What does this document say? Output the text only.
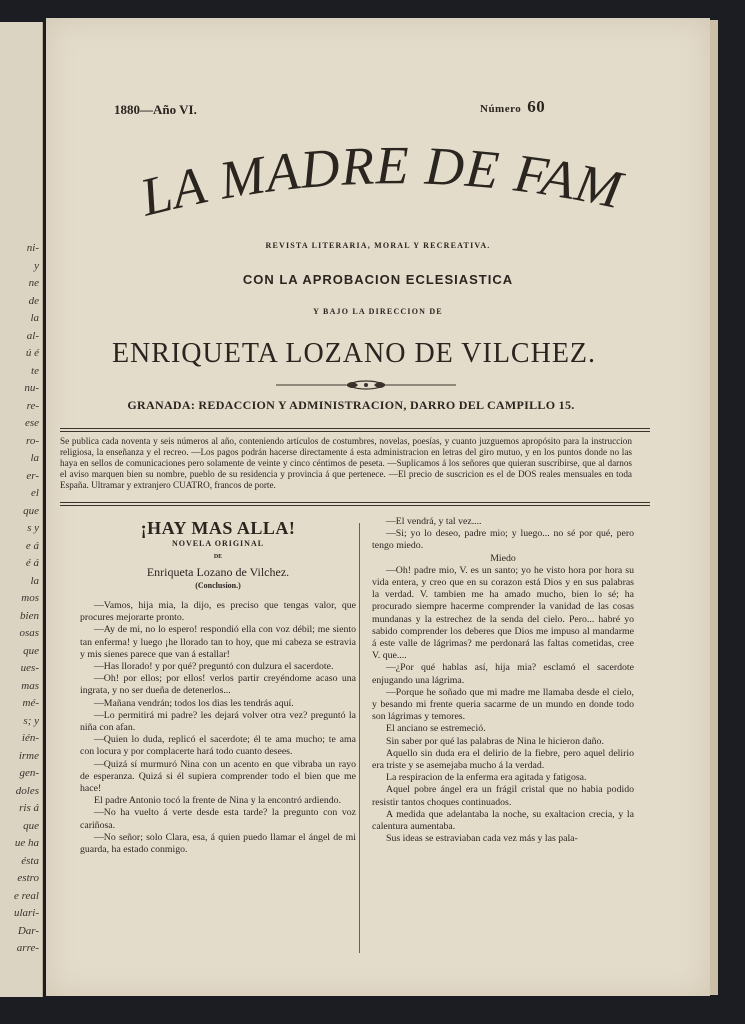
ni-
y
ne
de
la
al-
ú é
te
nu-
re-
ese
ro-
la
er-
el
que
s y
e á
é á
la
mos
bien
osas
que
ues-
mas
mé-
s; y
ién-
irme
gen-
doles
ris á
que
ue ha
ésta
estro
e real
ulari-
Dar-
arre-
1880—Año VI.	Número 60
LA MADRE DE FAM
REVISTA LITERARIA, MORAL Y RECREATIVA.
CON LA APROBACION ECLESIASTICA
Y BAJO LA DIRECCION DE
ENRIQUETA LOZANO DE VILCHEZ.
GRANADA: REDACCION Y ADMINISTRACION, DARRO DEL CAMPILLO 15.
Se publica cada noventa y seis números al año, conteniendo artículos de costumbres, novelas, poesías, y cuanto juzguemos apropósito para la instruccion religiosa, la enseñanza y el recreo. —Los pagos podrán hacerse directamente á esta administracion en letras del giro mutuo, y en los puntos donde no las haya en sellos de comunicaciones pero solamente de veinte y cinco céntimos de peseta. —Suplicamos á los señores que quieran suscribirse, que al darnos el aviso marquen bien su nombre, pueblo de su residencia y provincia á que pertenece. —El precio de suscricion es el de DOS reales mensuales en toda España. Ultramar y extranjero CUATRO, francos de porte.
¡HAY MAS ALLA!
NOVELA ORIGINAL
DE
Enriqueta Lozano de Vilchez.
(Conclusion.)

—Vamos, hija mia, la dijo, es preciso que tengas valor, que procures mejorarte pronto.

—Ay de mi, no lo espero! respondió ella con voz débil; me siento tan enferma! y luego ¡he llorado tan to hoy, que mi cabeza se estravia y mis sienes parece que van á estallar!

—Has llorado! y por qué? preguntó con dulzura el sacerdote.

—Oh! por ellos; por ellos! verlos partir creyéndome acaso una ingrata, y no ser dueña de detenerlos...

—Mañana vendrán; todos los dias les tendrás aquí.

—Lo permitirá mi padre? les dejará volver otra vez? preguntó la niña con afan.

—Quien lo duda, replicó el sacerdote; él te ama mucho; te ama con locura y por complacerte hará todo cuanto desees.

—Quizá sí murmuró Nina con un acento en que vibraba un rayo de esperanza. Quizá si él supiera comprender todo el bien que me hace!

El padre Antonio tocó la frente de Nina y la encontró ardiendo.

—No ha vuelto á verte desde esta tarde? la pregunto con voz cariñosa.

—No señor; solo Clara, esa, á quien puedo llamar el ángel de mi guarda, ha estado conmigo.

—El vendrá, y tal vez....

—Si; yo lo deseo, padre mio; y luego... no sé por qué, pero tengo miedo.

Miedo

—Oh! padre mio, V. es un santo; yo he visto hora por hora su vida entera, y creo que en su corazon está Dios y en sus palabras la verdad. V. tambien me ha amado mucho, bien lo sé; ha procurado siempre hacerme comprender la vanidad de las cosas mundanas y la estrechez de la senda del cielo. Pero... habré yo sabido comprender los deberes que Dios me impuso al mandarme á este valle de lágrimas? me perdonará las faltas cometidas, cree V. que....

—¿Por qué hablas así, hija mia? esclamó el sacerdote enjugando una lágrima.

—Porque he soñado que mi madre me llamaba desde el cielo, y besando mi frente queria sacarme de un mundo en donde todo son lágrimas y temores.

El anciano se estremeció.

Sin saber por qué las palabras de Nina le hicieron daño.

Aquello sin duda era el delirio de la fiebre, pero aquel delirio era triste y se asemejaba mucho á la verdad.

La respiracion de la enferma era agitada y fatigosa.

Aquel pobre ángel era un frágil cristal que no habia podido resistir tantos choques continuados.

A medida que adelantaba la noche, su exaltacion crecia, y la calentura aumentaba.

Sus ideas se estraviaban cada vez más y las pala-
